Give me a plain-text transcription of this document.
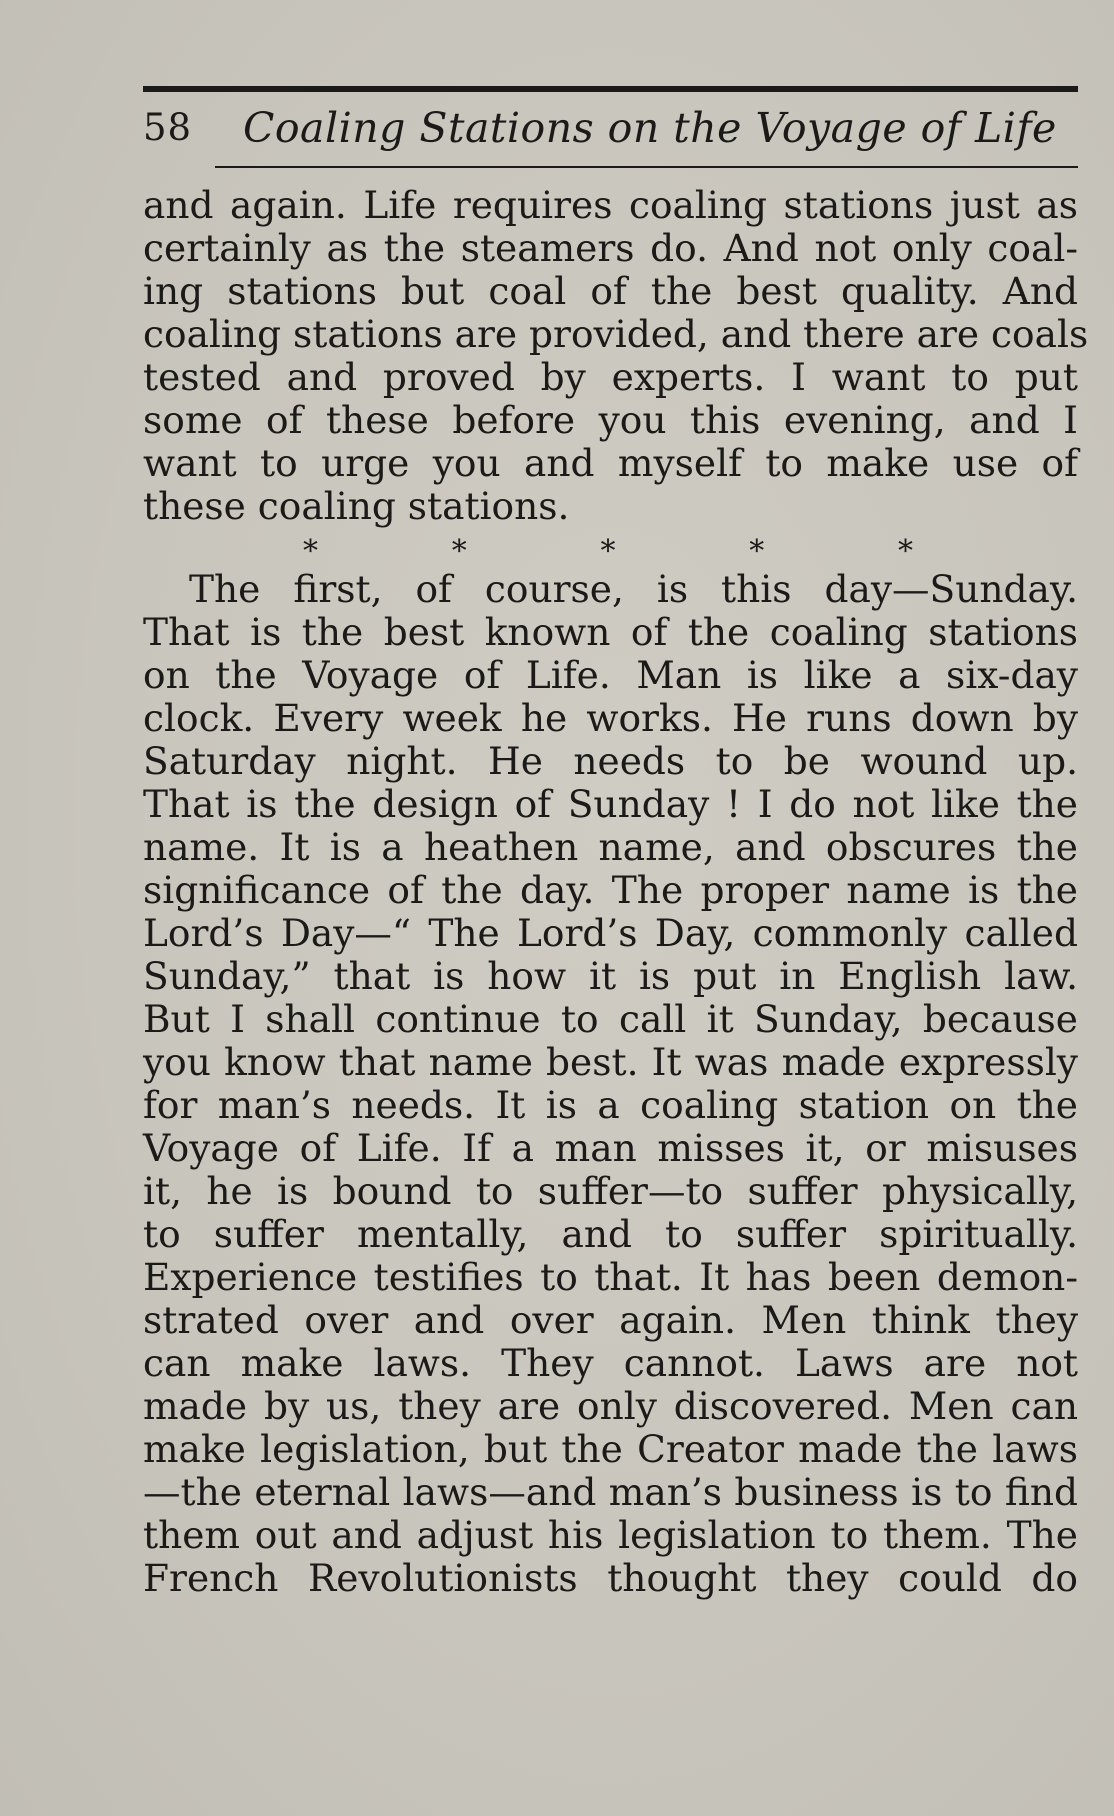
58 Coaling Stations on the Voyage of Life

and again. Life requires coaling stations just as
certainly as the steamers do. And not only coal-
ing stations but coal of the best quality. And
coaling stations are provided, and there are coals
tested and proved by experts. I want to put
some of these before you this evening, and I
want to urge you and myself to make use of
these coaling stations.

*	*	*	*	*

The first, of course, is this day—Sunday.
That is the best known of the coaling stations
on the Voyage of Life. Man is like a six-day
clock. Every week he works. He runs down by
Saturday night. He needs to be wound up.
That is the design of Sunday ! I do not like the
name. It is a heathen name, and obscures the
significance of the day. The proper name is the
Lord’s Day—“ The Lord’s Day, commonly called
Sunday,” that is how it is put in English law.
But I shall continue to call it Sunday, because
you know that name best. It was made expressly
for man’s needs. It is a coaling station on the
Voyage of Life. If a man misses it, or misuses
it, he is bound to suffer—to suffer physically,
to suffer mentally, and to suffer spiritually.
Experience testifies to that. It has been demon-
strated over and over again. Men think they
can make laws. They cannot. Laws are not
made by us, they are only discovered. Men can
make legislation, but the Creator made the laws
—the eternal laws—and man’s business is to find
them out and adjust his legislation to them. The
French Revolutionists thought they could do
